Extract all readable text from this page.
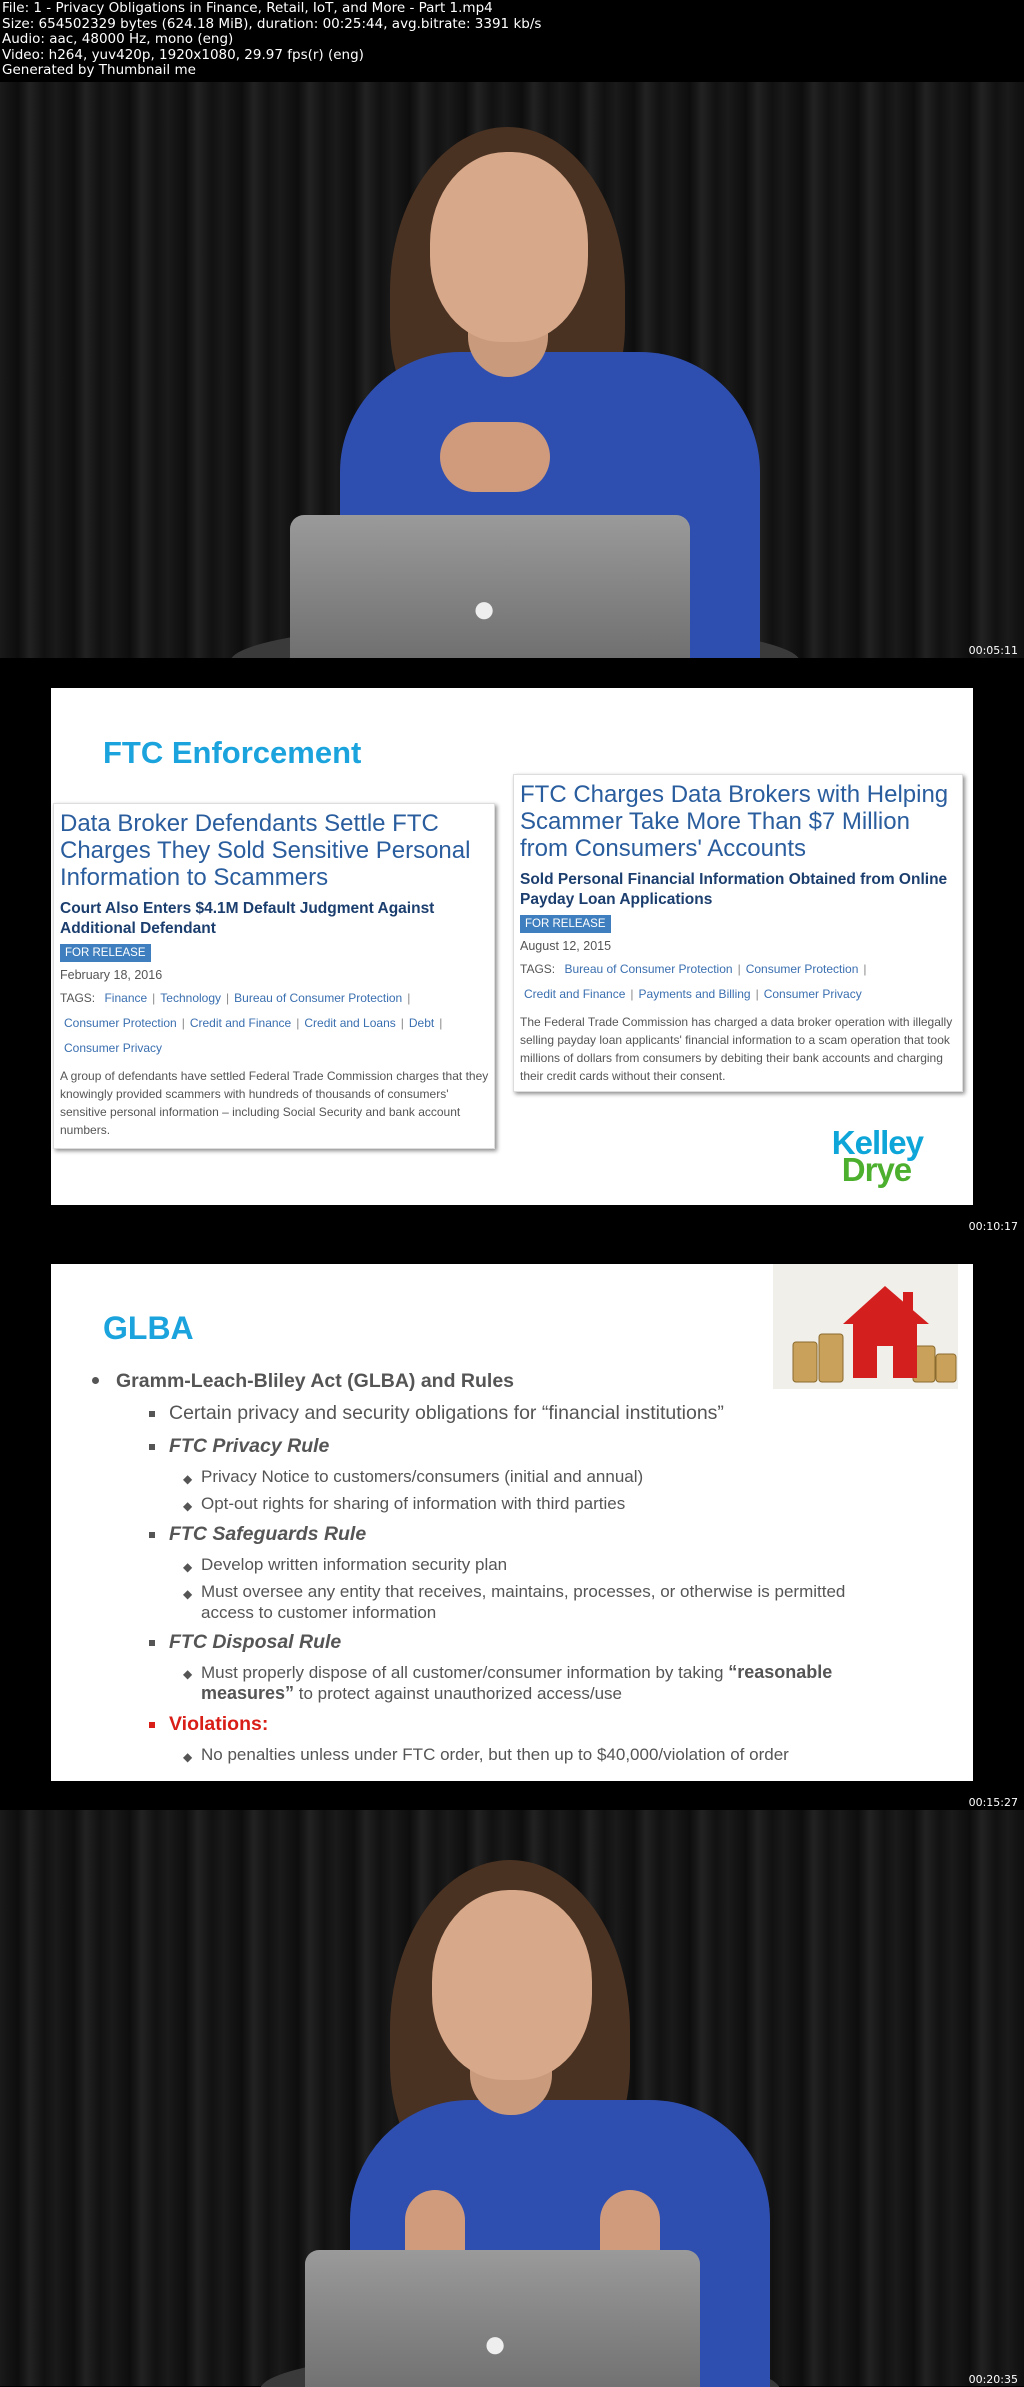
File: 1 - Privacy Obligations in Finance, Retail, IoT, and More - Part 1.mp4
Size: 654502329 bytes (624.18 MiB), duration: 00:25:44, avg.bitrate: 3391 kb/s
Audio: aac, 48000 Hz, mono (eng)
Video: h264, yuv420p, 1920x1080, 29.97 fps(r) (eng)
Generated by Thumbnail me
●
00:05:11
FTC Enforcement
Data Broker Defendants Settle FTC Charges They Sold Sensitive Personal Information to Scammers
Court Also Enters $4.1M Default Judgment Against Additional Defendant
FOR RELEASE
February 18, 2016
TAGS: Finance | Technology | Bureau of Consumer Protection |
Consumer Protection | Credit and Finance | Credit and Loans | Debt |
Consumer Privacy
A group of defendants have settled Federal Trade Commission charges that they knowingly provided scammers with hundreds of thousands of consumers' sensitive personal information – including Social Security and bank account numbers.
FTC Charges Data Brokers with Helping Scammer Take More Than $7 Million from Consumers' Accounts
Sold Personal Financial Information Obtained from Online Payday Loan Applications
FOR RELEASE
August 12, 2015
TAGS: Bureau of Consumer Protection | Consumer Protection |
Credit and Finance | Payments and Billing | Consumer Privacy
The Federal Trade Commission has charged a data broker operation with illegally selling payday loan applicants' financial information to a scam operation that took millions of dollars from consumers by debiting their bank accounts and charging their credit cards without their consent.
Kelley
Drye
00:10:17
GLBA
Gramm-Leach-Bliley Act (GLBA) and Rules
Certain privacy and security obligations for “financial institutions”
FTC Privacy Rule
◆ Privacy Notice to customers/consumers (initial and annual)
◆ Opt-out rights for sharing of information with third parties
FTC Safeguards Rule
◆ Develop written information security plan
◆ Must oversee any entity that receives, maintains, processes, or otherwise is permitted
access to customer information
FTC Disposal Rule
◆ Must properly dispose of all customer/consumer information by taking “reasonable
measures” to protect against unauthorized access/use
Violations:
◆ No penalties unless under FTC order, but then up to $40,000/violation of order
00:15:27
●
00:20:35
